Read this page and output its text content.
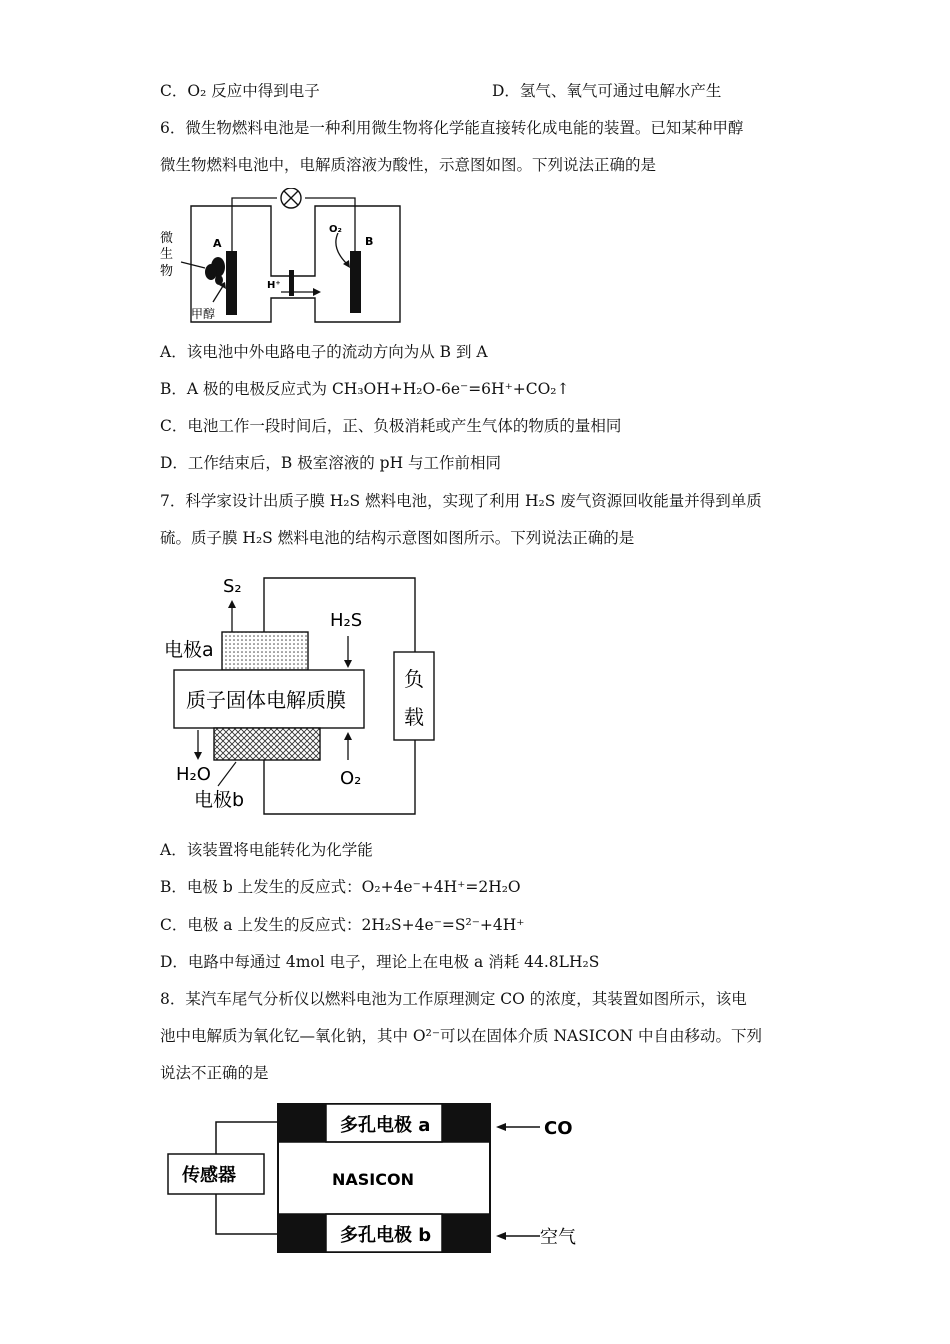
C．O₂ 反应中得到电子	D．氢气、氧气可通过电解水产生
6．微生物燃料电池是一种利用微生物将化学能直接转化成电能的装置。已知某种甲醇
微生物燃料电池中，电解质溶液为酸性，示意图如图。下列说法正确的是
微
生
物
A	B
O₂
H⁺
甲醇
A．该电池中外电路电子的流动方向为从 B 到 A
B．A 极的电极反应式为 CH₃OH+H₂O-6e⁻=6H⁺+CO₂↑
C．电池工作一段时间后，正、负极消耗或产生气体的物质的量相同
D．工作结束后，B 极室溶液的 pH 与工作前相同
7．科学家设计出质子膜 H₂S 燃料电池，实现了利用 H₂S 废气资源回收能量并得到单质
硫。质子膜 H₂S 燃料电池的结构示意图如图所示。下列说法正确的是
S₂
H₂S
电极a
质子固体电解质膜
负
载
H₂O	O₂
电极b
A．该装置将电能转化为化学能
B．电极 b 上发生的反应式：O₂+4e⁻+4H⁺=2H₂O
C．电极 a 上发生的反应式：2H₂S+4e⁻=S²⁻+4H⁺
D．电路中每通过 4mol 电子，理论上在电极 a 消耗 44.8LH₂S
8．某汽车尾气分析仪以燃料电池为工作原理测定 CO 的浓度，其装置如图所示，该电
池中电解质为氧化钇—氧化钠，其中 O²⁻可以在固体介质 NASICON 中自由移动。下列
说法不正确的是
多孔电极 a
多孔电极 b
NASICON
传感器
CO
空气
